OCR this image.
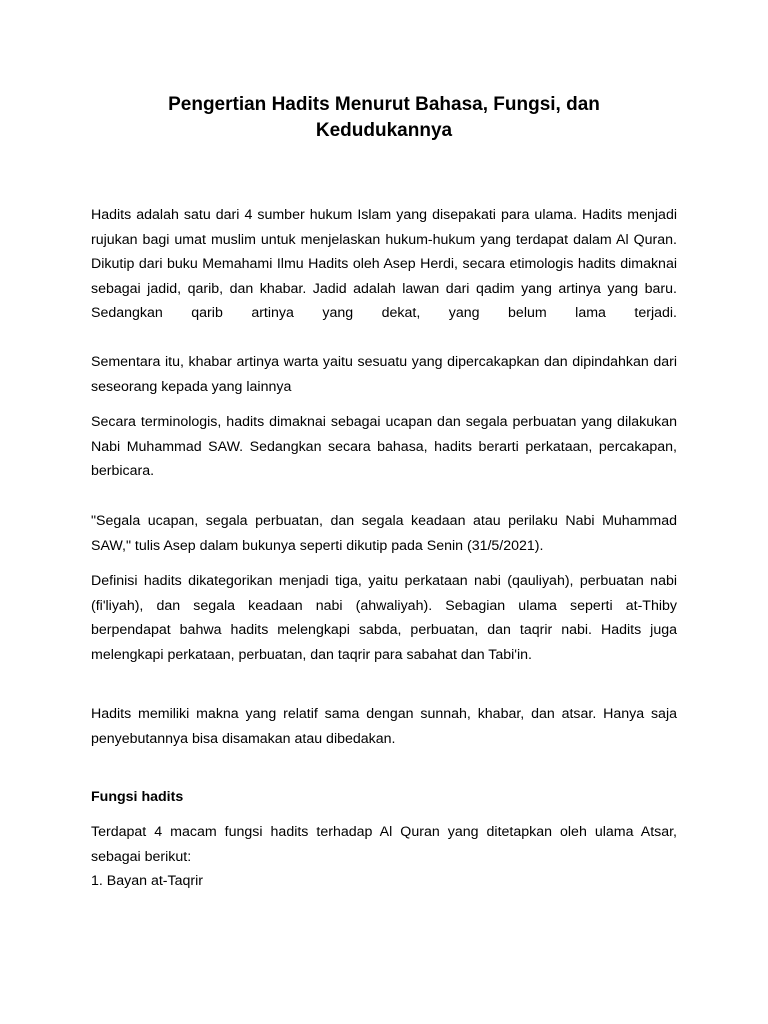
Pengertian Hadits Menurut Bahasa, Fungsi, dan Kedudukannya

Hadits adalah satu dari 4 sumber hukum Islam yang disepakati para ulama. Hadits menjadi rujukan bagi umat muslim untuk menjelaskan hukum-hukum yang terdapat dalam Al Quran. Dikutip dari buku Memahami Ilmu Hadits oleh Asep Herdi, secara etimologis hadits dimaknai sebagai jadid, qarib, dan khabar. Jadid adalah lawan dari qadim yang artinya yang baru. Sedangkan qarib artinya yang dekat, yang belum lama terjadi.

Sementara itu, khabar artinya warta yaitu sesuatu yang dipercakapkan dan dipindahkan dari seseorang kepada yang lainnya

Secara terminologis, hadits dimaknai sebagai ucapan dan segala perbuatan yang dilakukan Nabi Muhammad SAW. Sedangkan secara bahasa, hadits berarti perkataan, percakapan, berbicara.

"Segala ucapan, segala perbuatan, dan segala keadaan atau perilaku Nabi Muhammad SAW," tulis Asep dalam bukunya seperti dikutip pada Senin (31/5/2021).

Definisi hadits dikategorikan menjadi tiga, yaitu perkataan nabi (qauliyah), perbuatan nabi (fi'liyah), dan segala keadaan nabi (ahwaliyah). Sebagian ulama seperti at-Thiby berpendapat bahwa hadits melengkapi sabda, perbuatan, dan taqrir nabi. Hadits juga melengkapi perkataan, perbuatan, dan taqrir para sabahat dan Tabi'in.

Hadits memiliki makna yang relatif sama dengan sunnah, khabar, dan atsar. Hanya saja penyebutannya bisa disamakan atau dibedakan.

Fungsi hadits

Terdapat 4 macam fungsi hadits terhadap Al Quran yang ditetapkan oleh ulama Atsar, sebagai berikut:

1. Bayan at-Taqrir
